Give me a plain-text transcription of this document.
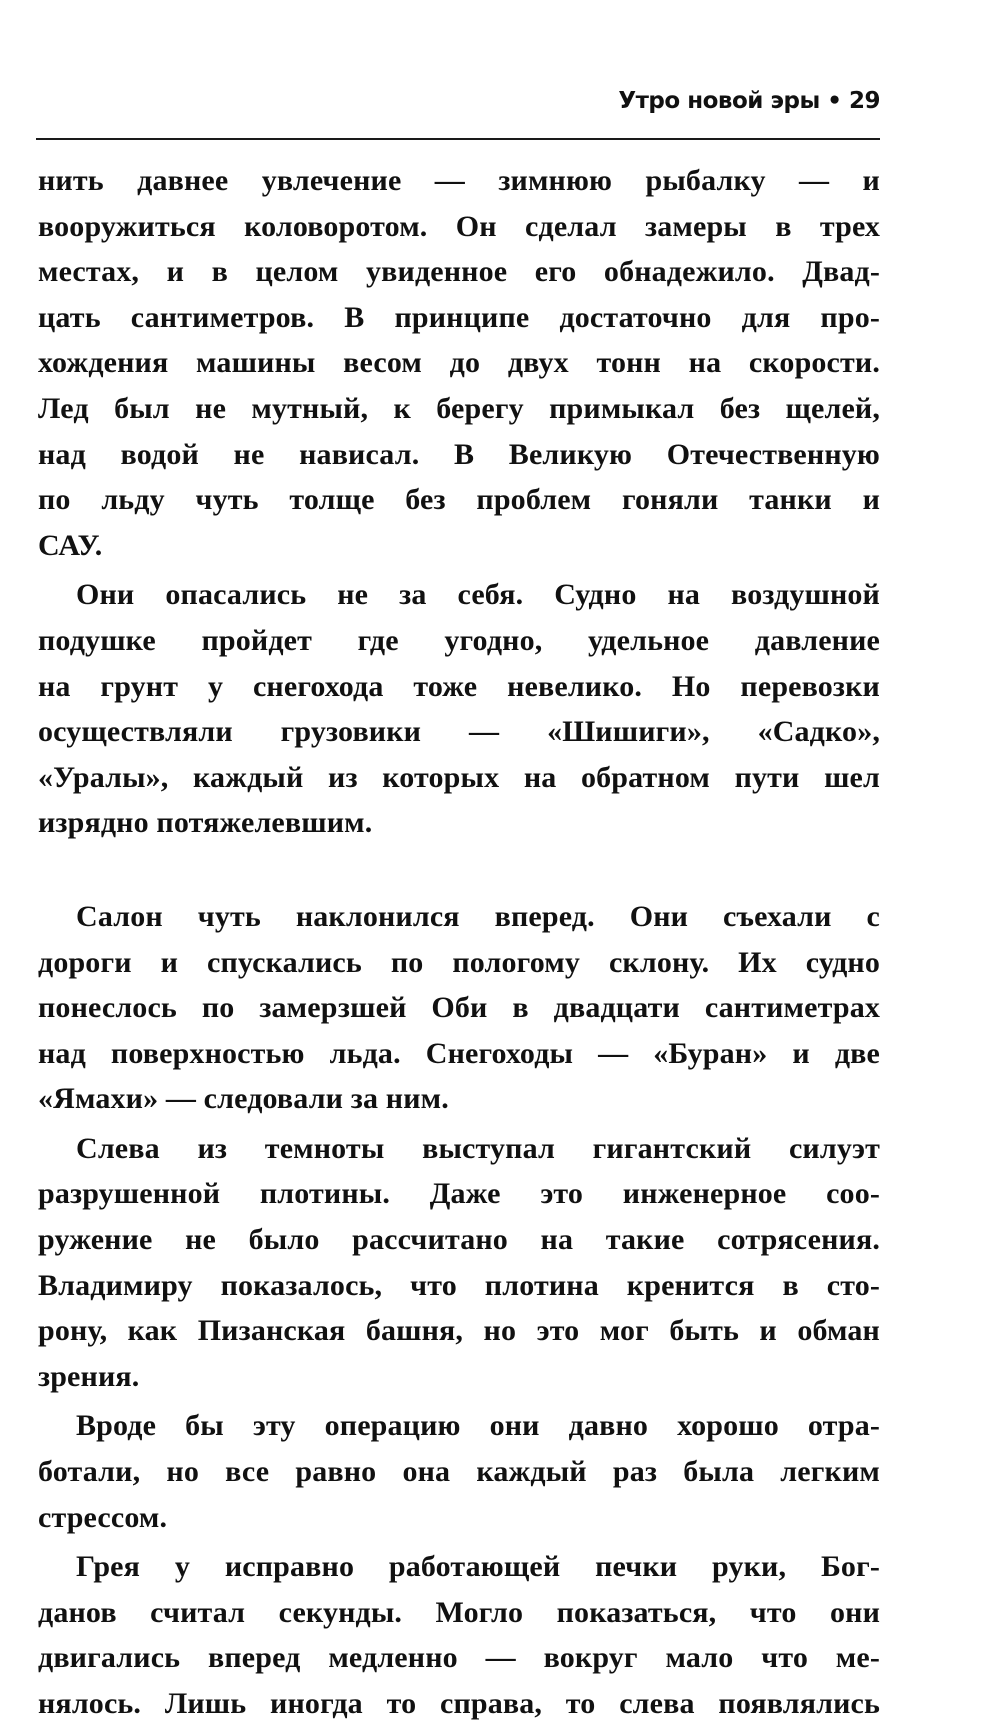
Утро новой эры • 29
нить давнее увлечение — зимнюю рыбалку — и
вооружиться коловоротом. Он сделал замеры в трех
местах, и в целом увиденное его обнадежило. Двад-
цать сантиметров. В принципе достаточно для про-
хождения машины весом до двух тонн на скорости.
Лед был не мутный, к берегу примыкал без щелей,
над водой не нависал. В Великую Отечественную
по льду чуть толще без проблем гоняли танки и
САУ.
Они опасались не за себя. Судно на воздушной
подушке пройдет где угодно, удельное давление
на грунт у снегохода тоже невелико. Но перевозки
осуществляли грузовики — «Шишиги», «Садко»,
«Уралы», каждый из которых на обратном пути шел
изрядно потяжелевшим.
Салон чуть наклонился вперед. Они съехали с
дороги и спускались по пологому склону. Их судно
понеслось по замерзшей Оби в двадцати сантиметрах
над поверхностью льда. Снегоходы — «Буран» и две
«Ямахи» — следовали за ним.
Слева из темноты выступал гигантский силуэт
разрушенной плотины. Даже это инженерное соо-
ружение не было рассчитано на такие сотрясения.
Владимиру показалось, что плотина кренится в сто-
рону, как Пизанская башня, но это мог быть и обман
зрения.
Вроде бы эту операцию они давно хорошо отра-
ботали, но все равно она каждый раз была легким
стрессом.
Грея у исправно работающей печки руки, Бог-
данов считал секунды. Могло показаться, что они
двигались вперед медленно — вокруг мало что ме-
нялось. Лишь иногда то справа, то слева появлялись
